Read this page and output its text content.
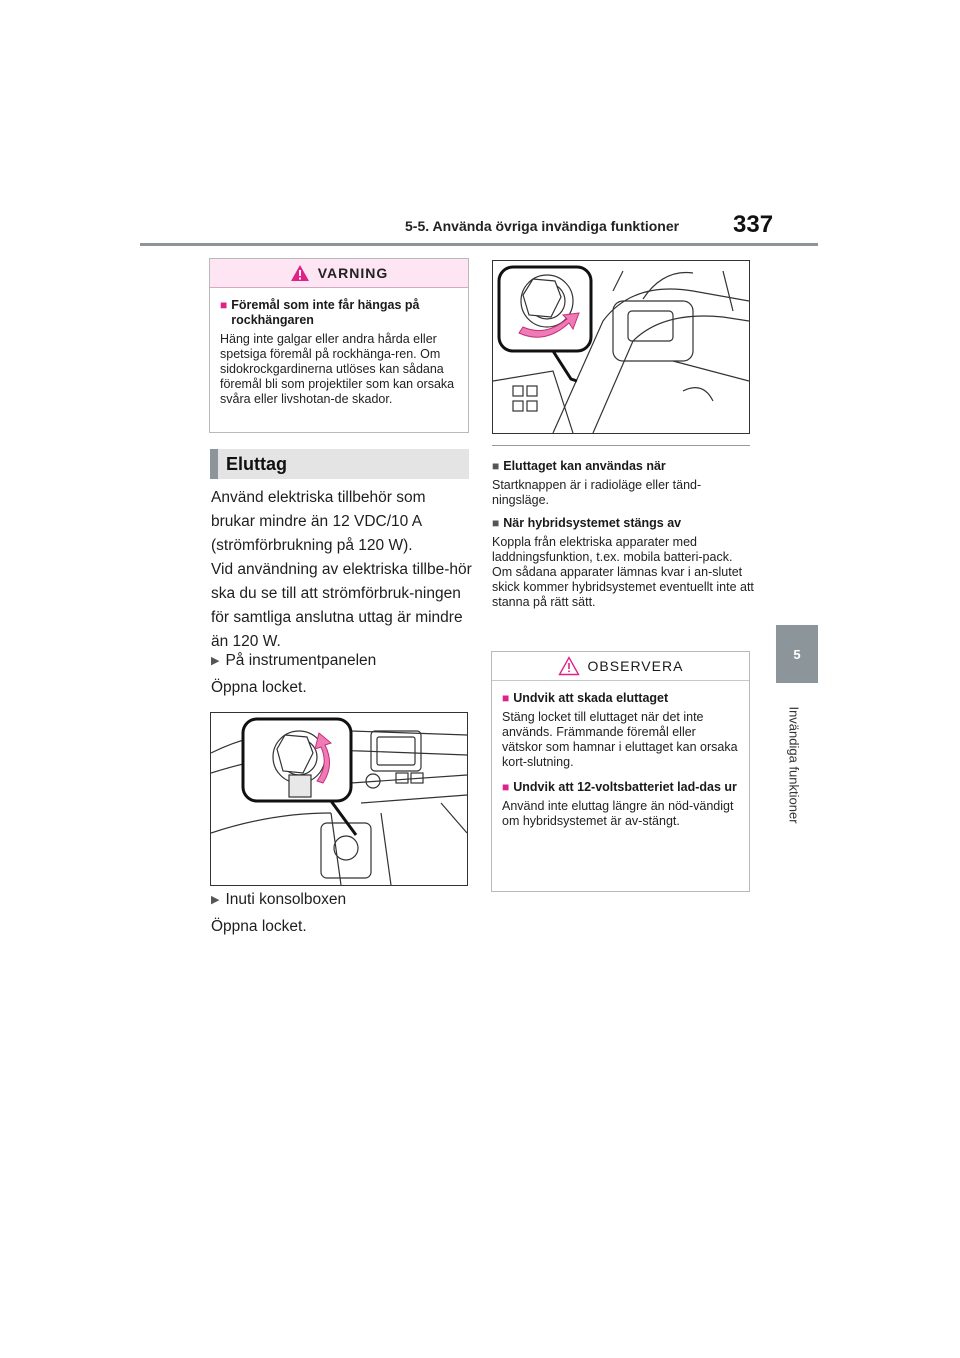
5-5. Använda övriga invändiga funktioner 337
5
Invändiga funktioner
VARNING
■ Föremål som inte får hängas på rockhängaren

Häng inte galgar eller andra hårda eller spetsiga föremål på rockhänga-ren. Om sidokrockgardinerna utlöses kan sådana föremål bli som projektiler som kan orsaka svåra eller livshotan-de skador.

Eluttag

Använd elektriska tillbehör som brukar mindre än 12 VDC/10 A (strömförbrukning på 120 W).

Vid användning av elektriska tillbe-hör ska du se till att strömförbruk-ningen för samtliga anslutna uttag är mindre än 120 W.

▶ På instrumentpanelen
Öppna locket.
▶ Inuti konsolboxen
Öppna locket.
■ Eluttaget kan användas när

Startknappen är i radioläge eller tänd-ningsläge.

■ När hybridsystemet stängs av

Koppla från elektriska apparater med laddningsfunktion, t.ex. mobila batteri-pack. Om sådana apparater lämnas kvar i an-slutet skick kommer hybridsystemet eventuellt inte att stanna på rätt sätt.

OBSERVERA
■ Undvik att skada eluttaget

Stäng locket till eluttaget när det inte används. Främmande föremål eller vätskor som hamnar i eluttaget kan orsaka kort-slutning.

■ Undvik att 12-voltsbatteriet lad-das ur

Använd inte eluttag längre än nöd-vändigt om hybridsystemet är av-stängt.
